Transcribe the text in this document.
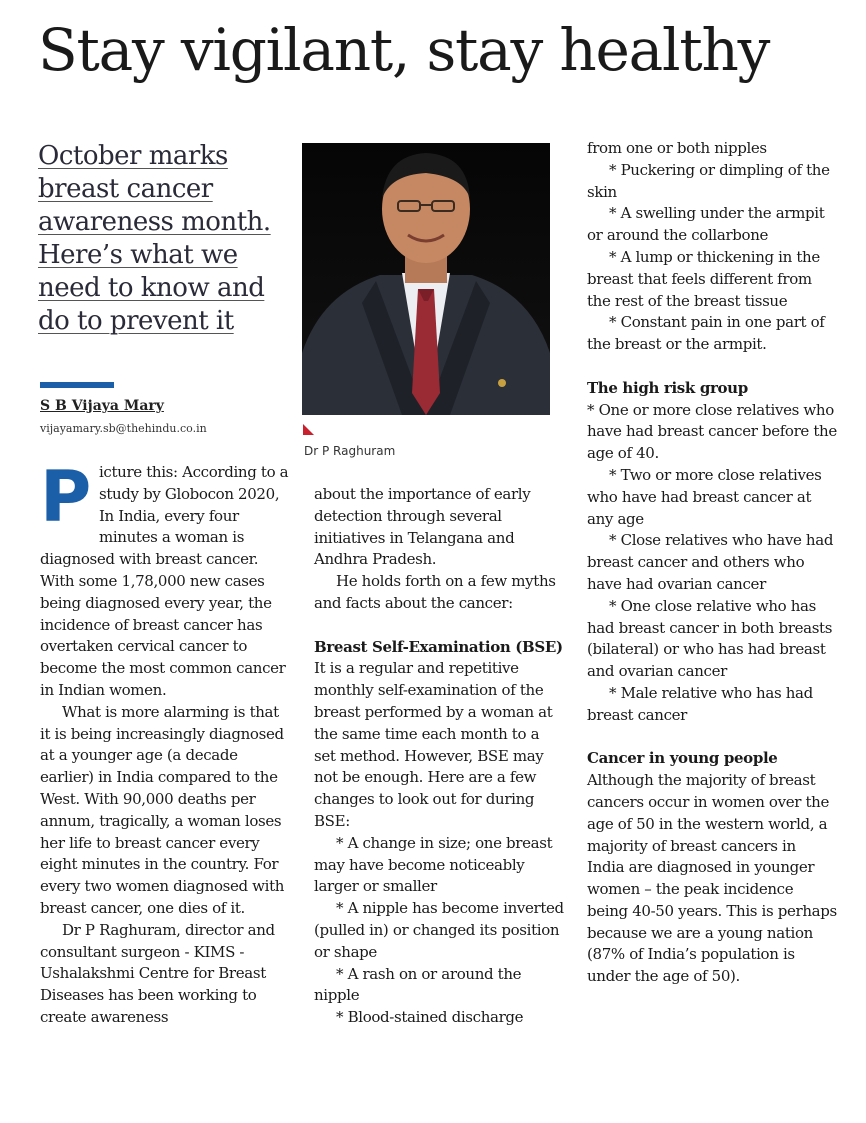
Stay vigilant, stay healthy
October marks
breast cancer
awareness month.
Here’s what we
need to know and
do to prevent it
S B Vijaya Mary
vijayamary.sb@thehindu.co.in
Dr P Raghuram
P icture this: According to a study by Globocon 2020, In India, every four minutes a woman is diagnosed with breast cancer. With some 1,78,000 new cases being diagnosed every year, the incidence of breast cancer has overtaken cervical cancer to become the most common cancer in Indian women.

What is more alarming is that it is being increasingly diagnosed at a younger age (a decade earlier) in India compared to the West. With 90,000 deaths per annum, tragically, a woman loses her life to breast cancer every eight minutes in the country. For every two women diagnosed with breast cancer, one dies of it.

Dr P Raghuram, director and consultant surgeon - KIMS - Ushalakshmi Centre for Breast Diseases has been working to create awareness

about the importance of early detection through several initiatives in Telangana and Andhra Pradesh.

He holds forth on a few myths and facts about the cancer:

Breast Self-Examination (BSE)

It is a regular and repetitive monthly self-examination of the breast performed by a woman at the same time each month to a set method. However, BSE may not be enough. Here are a few changes to look out for during BSE:

* A change in size; one breast may have become noticeably larger or smaller

* A nipple has become inverted (pulled in) or changed its position or shape

* A rash on or around the nipple

* Blood-stained discharge

from one or both nipples

* Puckering or dimpling of the skin

* A swelling under the armpit or around the collarbone

* A lump or thickening in the breast that feels different from the rest of the breast tissue

* Constant pain in one part of the breast or the armpit.

The high risk group

* One or more close relatives who have had breast cancer before the age of 40.

* Two or more close relatives who have had breast cancer at any age

* Close relatives who have had breast cancer and others who have had ovarian cancer

* One close relative who has had breast cancer in both breasts (bilateral) or who has had breast and ovarian cancer

* Male relative who has had breast cancer

Cancer in young people

Although the majority of breast cancers occur in women over the age of 50 in the western world, a majority of breast cancers in India are diagnosed in younger women – the peak incidence being 40-50 years. This is perhaps because we are a young nation (87% of India’s population is under the age of 50).
